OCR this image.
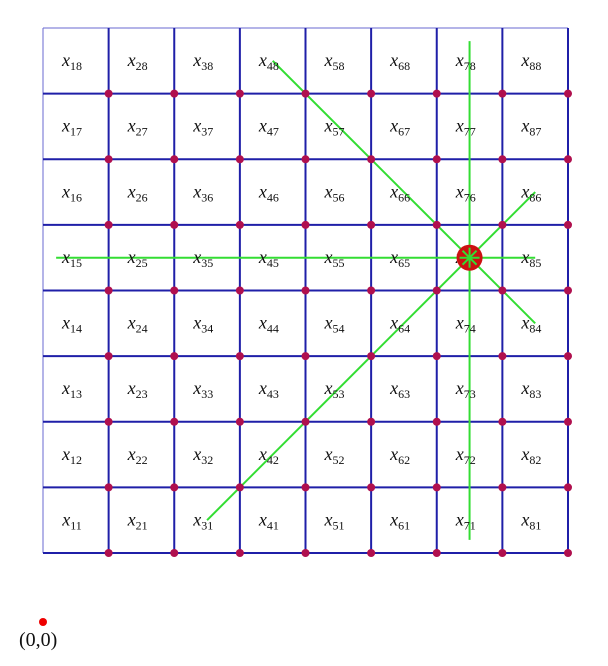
$x_{18}$	$x_{28}$	$x_{38}$	$x_{48}$	$x_{58}$	$x_{68}$	$x_{78}$	$x_{88}$
$x_{17}$	$x_{27}$	$x_{37}$	$x_{47}$	$x_{57}$	$x_{67}$	$x_{77}$	$x_{87}$
$x_{16}$	$x_{26}$	$x_{36}$	$x_{46}$	$x_{56}$	$x_{66}$	$x_{76}$	$x_{86}$
$x_{15}$	$x_{25}$	$x_{35}$	$x_{45}$	$x_{55}$	$x_{65}$	$x_{85}$
$x_{14}$	$x_{24}$	$x_{34}$	$x_{44}$	$x_{54}$	$x_{64}$	$x_{74}$	$x_{84}$
$x_{13}$	$x_{23}$	$x_{33}$	$x_{43}$	$x_{53}$	$x_{63}$	$x_{73}$	$x_{83}$
$x_{12}$	$x_{22}$	$x_{32}$	$x_{42}$	$x_{52}$	$x_{62}$	$x_{72}$	$x_{82}$
$x_{11}$	$x_{21}$	$x_{31}$	$x_{41}$	$x_{51}$	$x_{61}$	$x_{71}$	$x_{81}$
(0,0)
